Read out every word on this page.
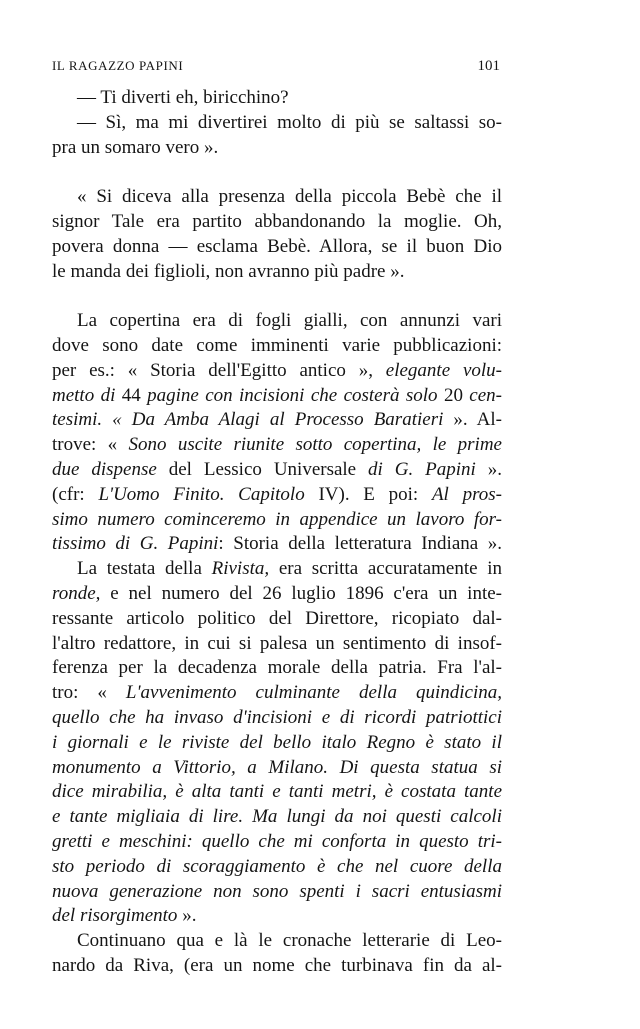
IL RAGAZZO PAPINI	101
— Ti diverti eh, biricchino?
— Sì, ma mi divertirei molto di più se saltassi so-
pra un somaro vero ».
« Si diceva alla presenza della piccola Bebè che il
signor Tale era partito abbandonando la moglie. Oh,
povera donna — esclama Bebè. Allora, se il buon Dio
le manda dei figlioli, non avranno più padre ».
La copertina era di fogli gialli, con annunzi vari
dove sono date come imminenti varie pubblicazioni:
per es.: « Storia dell'Egitto antico », elegante volu-
metto di 44 pagine con incisioni che costerà solo 20 cen-
tesimi. « Da Amba Alagi al Processo Baratieri ». Al-
trove: « Sono uscite riunite sotto copertina, le prime
due dispense del Lessico Universale di G. Papini ».
(cfr: L'Uomo Finito. Capitolo IV). E poi: Al pros-
simo numero cominceremo in appendice un lavoro for-
tissimo di G. Papini: Storia della letteratura Indiana ».
La testata della Rivista, era scritta accuratamente in
ronde, e nel numero del 26 luglio 1896 c'era un inte-
ressante articolo politico del Direttore, ricopiato dal-
l'altro redattore, in cui si palesa un sentimento di insof-
ferenza per la decadenza morale della patria. Fra l'al-
tro: « L'avvenimento culminante della quindicina,
quello che ha invaso d'incisioni e di ricordi patriottici
i giornali e le riviste del bello italo Regno è stato il
monumento a Vittorio, a Milano. Di questa statua si
dice mirabilia, è alta tanti e tanti metri, è costata tante
e tante migliaia di lire. Ma lungi da noi questi calcoli
gretti e meschini: quello che mi conforta in questo tri-
sto periodo di scoraggiamento è che nel cuore della
nuova generazione non sono spenti i sacri entusiasmi
del risorgimento ».
Continuano qua e là le cronache letterarie di Leo-
nardo da Riva, (era un nome che turbinava fin da al-
